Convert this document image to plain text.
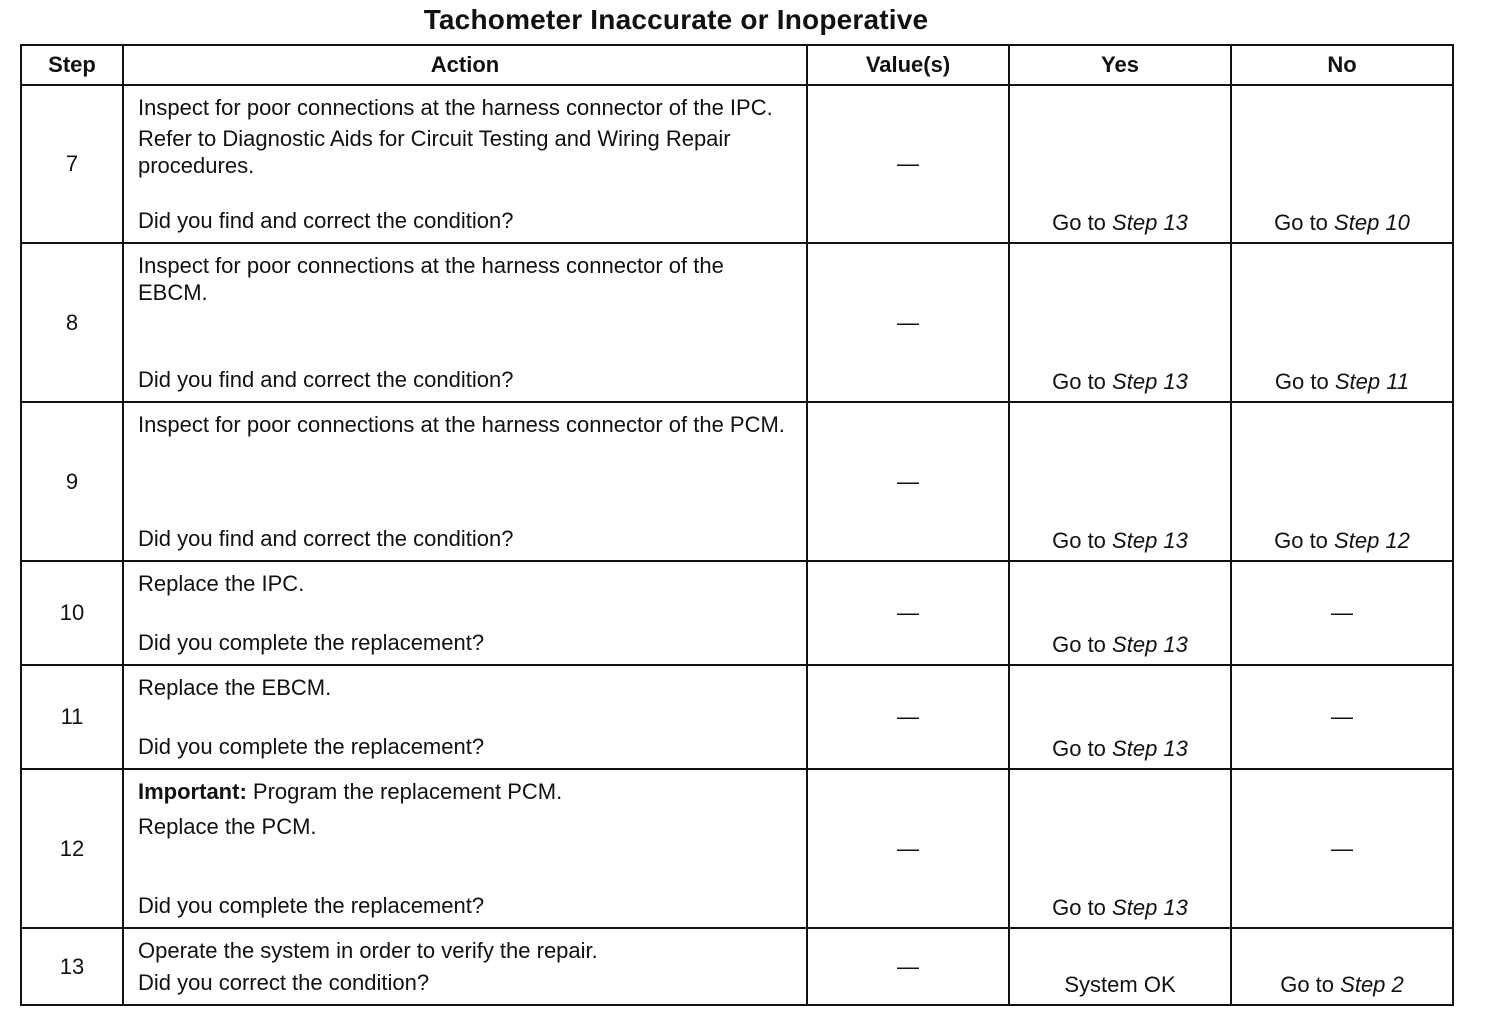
Tachometer Inaccurate or Inoperative
Step	Action	Value(s)	Yes	No
7	Inspect for poor connections at the harness connector of the IPC.
Refer to Diagnostic Aids for Circuit Testing and Wiring Repair procedures.
Did you find and correct the condition?	—	Go to Step 13	Go to Step 10
8	Inspect for poor connections at the harness connector of the EBCM.
Did you find and correct the condition?	—	Go to Step 13	Go to Step 11
9	Inspect for poor connections at the harness connector of the PCM.
Did you find and correct the condition?	—	Go to Step 13	Go to Step 12
10	Replace the IPC.
Did you complete the replacement?	—	Go to Step 13	—
11	Replace the EBCM.
Did you complete the replacement?	—	Go to Step 13	—
12	Important: Program the replacement PCM.
Replace the PCM.
Did you complete the replacement?	—	Go to Step 13	—
13	Operate the system in order to verify the repair.
Did you correct the condition?	—	System OK	Go to Step 2
